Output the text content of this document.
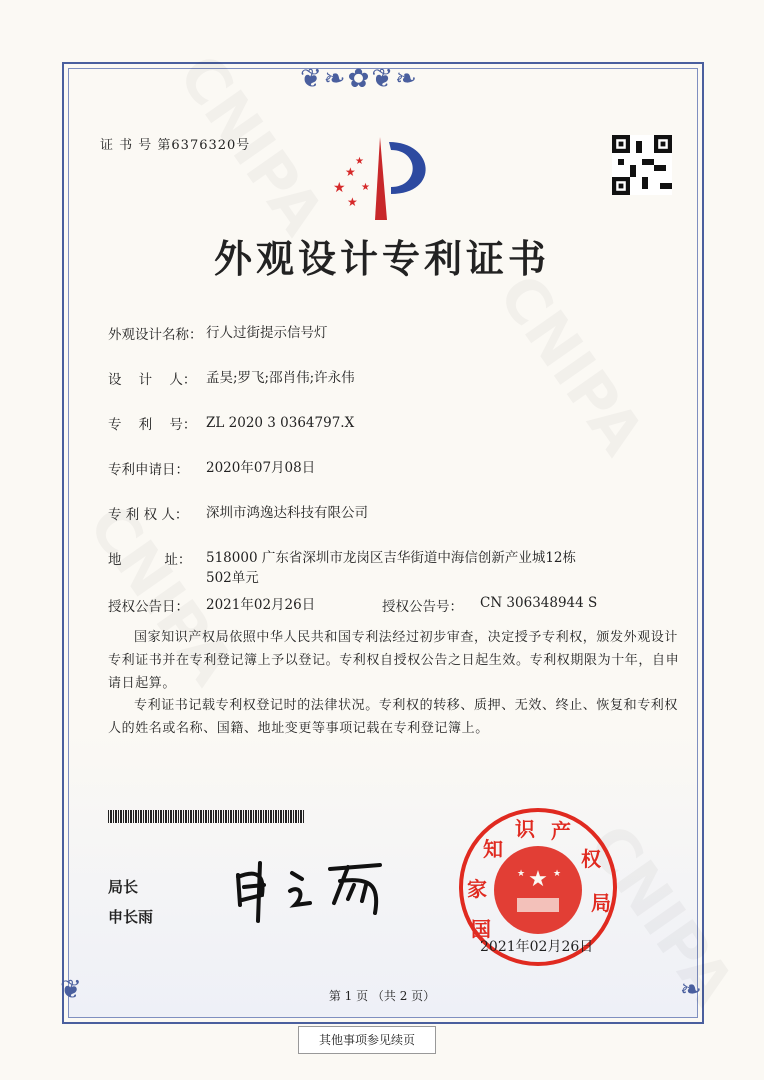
❦❧✿❦❧
❦	❧
证 书 号 第6376320号
★
★
★
★
★
外观设计专利证书
外观设计名称： 行人过街提示信号灯
设    计    人： 孟昊;罗飞;邵肖伟;许永伟
专    利    号： ZL 2020 3 0364797.X
专利申请日：	2020年07月08日
专 利 权 人：	深圳市鸿逸达科技有限公司
地          址：	518000 广东省深圳市龙岗区吉华街道中海信创新产业城12栋502单元
授权公告日：	2021年02月26日	授权公告号：	CN 306348944 S
国家知识产权局依照中华人民共和国专利法经过初步审查，决定授予专利权，颁发外观设计专利证书并在专利登记簿上予以登记。专利权自授权公告之日起生效。专利权期限为十年，自申请日起算。
专利证书记载专利权登记时的法律状况。专利权的转移、质押、无效、终止、恢复和专利权人的姓名或名称、国籍、地址变更等事项记载在专利登记簿上。
局长
申长雨
★
★	★
国
家
知
识 产
权
局
2021年02月26日
第 1 页 （共 2 页）
其他事项参见续页
